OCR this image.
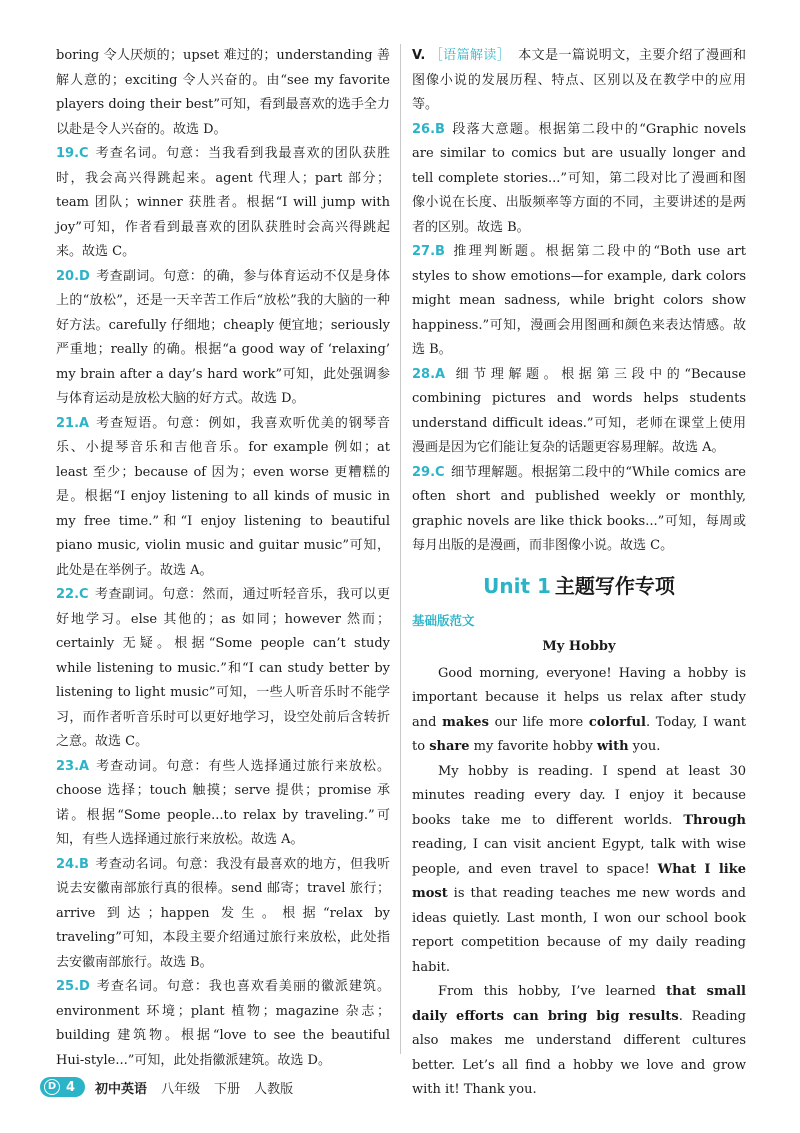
boring 令人厌烦的；upset 难过的；understanding 善解人意的；exciting 令人兴奋的。由“see my favorite players doing their best”可知，看到最喜欢的选手全力以赴是令人兴奋的。故选 D。

19.C 考查名词。句意：当我看到我最喜欢的团队获胜时，我会高兴得跳起来。agent 代理人；part 部分；team 团队；winner 获胜者。根据“I will jump with joy”可知，作者看到最喜欢的团队获胜时会高兴得跳起来。故选 C。

20.D 考查副词。句意：的确，参与体育运动不仅是身体上的“放松”，还是一天辛苦工作后“放松”我的大脑的一种好方法。carefully 仔细地；cheaply 便宜地；seriously 严重地；really 的确。根据“a good way of ‘relaxing’ my brain after a day’s hard work”可知，此处强调参与体育运动是放松大脑的好方式。故选 D。

21.A 考查短语。句意：例如，我喜欢听优美的钢琴音乐、小提琴音乐和吉他音乐。for example 例如；at least 至少；because of 因为；even worse 更糟糕的是。根据“I enjoy listening to all kinds of music in my free time.”和“I enjoy listening to beautiful piano music, violin music and guitar music”可知，此处是在举例子。故选 A。

22.C 考查副词。句意：然而，通过听轻音乐，我可以更好地学习。else 其他的；as 如同；however 然而；certainly 无疑。根据“Some people can’t study while listening to music.”和“I can study better by listening to light music”可知，一些人听音乐时不能学习，而作者听音乐时可以更好地学习，设空处前后含转折之意。故选 C。

23.A 考查动词。句意：有些人选择通过旅行来放松。choose 选择；touch 触摸；serve 提供；promise 承诺。根据“Some people...to relax by traveling.”可知，有些人选择通过旅行来放松。故选 A。

24.B 考查动名词。句意：我没有最喜欢的地方，但我听说去安徽南部旅行真的很棒。send 邮寄；travel 旅行；arrive 到达；happen 发生。根据“relax by traveling”可知，本段主要介绍通过旅行来放松，此处指去安徽南部旅行。故选 B。

25.D 考查名词。句意：我也喜欢看美丽的徽派建筑。environment 环境；plant 植物；magazine 杂志；building 建筑物。根据“love to see the beautiful Hui-style...”可知，此处指徽派建筑。故选 D。

V. ［语篇解读］ 本文是一篇说明文，主要介绍了漫画和图像小说的发展历程、特点、区别以及在教学中的应用等。

26.B 段落大意题。根据第二段中的“Graphic novels are similar to comics but are usually longer and tell complete stories...”可知，第二段对比了漫画和图像小说在长度、出版频率等方面的不同，主要讲述的是两者的区别。故选 B。

27.B 推理判断题。根据第二段中的“Both use art styles to show emotions—for example, dark colors might mean sadness, while bright colors show happiness.”可知，漫画会用图画和颜色来表达情感。故选 B。

28.A 细节理解题。根据第三段中的“Because combining pictures and words helps students understand difficult ideas.”可知，老师在课堂上使用漫画是因为它们能让复杂的话题更容易理解。故选 A。

29.C 细节理解题。根据第二段中的“While comics are often short and published weekly or monthly, graphic novels are like thick books...”可知，每周或每月出版的是漫画，而非图像小说。故选 C。

Unit 1 主题写作专项
基础版范文
My Hobby

Good morning, everyone! Having a hobby is important because it helps us relax after study and makes our life more colorful. Today, I want to share my favorite hobby with you.

My hobby is reading. I spend at least 30 minutes reading every day. I enjoy it because books take me to different worlds. Through reading, I can visit ancient Egypt, talk with wise people, and even travel to space! What I like most is that reading teaches me new words and ideas quietly. Last month, I won our school book report competition because of my daily reading habit.

From this hobby, I’ve learned that small daily efforts can bring big results. Reading also makes me understand different cultures better. Let’s all find a hobby we love and grow with it! Thank you.

D 4 初中英语 八年级 下册 人教版
